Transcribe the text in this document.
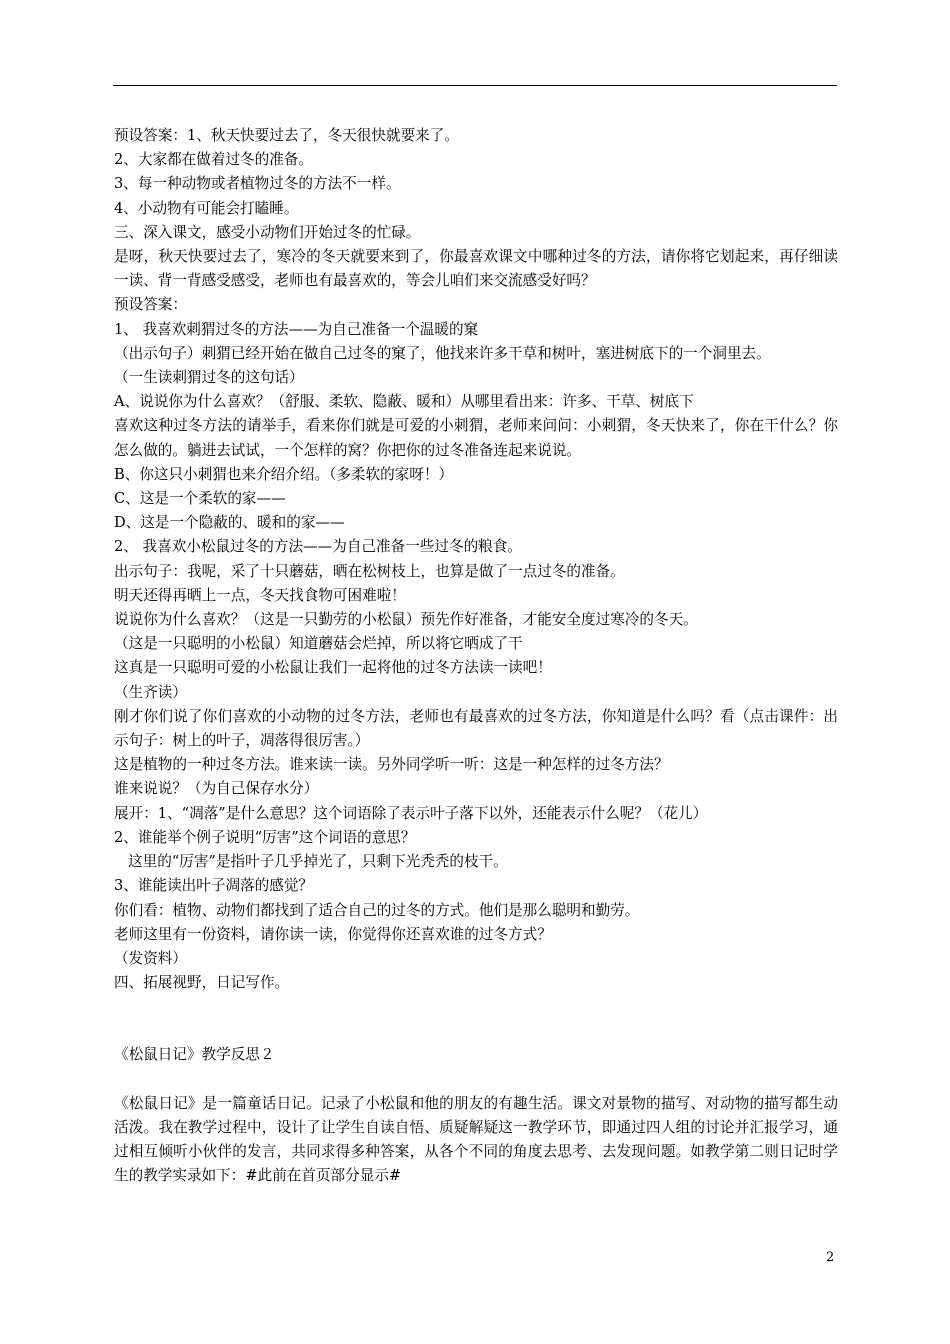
预设答案：1、秋天快要过去了，冬天很快就要来了。

2、大家都在做着过冬的准备。

3、每一种动物或者植物过冬的方法不一样。

4、小动物有可能会打瞌睡。

三、深入课文，感受小动物们开始过冬的忙碌。

是呀，秋天快要过去了，寒冷的冬天就要来到了，你最喜欢课文中哪种过冬的方法，请你将它划起来，再仔细读一读、背一背感受感受，老师也有最喜欢的，等会儿咱们来交流感受好吗？

预设答案：

1、 我喜欢刺猬过冬的方法——为自己准备一个温暖的窠

（出示句子）刺猬已经开始在做自己过冬的窠了，他找来许多干草和树叶，塞进树底下的一个洞里去。

（一生读刺猬过冬的这句话）

A、说说你为什么喜欢？（舒服、柔软、隐蔽、暖和）从哪里看出来：许多、干草、树底下

喜欢这种过冬方法的请举手，看来你们就是可爱的小刺猬，老师来问问：小刺猬，冬天快来了，你在干什么？你怎么做的。躺进去试试，一个怎样的窝？你把你的过冬准备连起来说说。

B、你这只小刺猬也来介绍介绍。（多柔软的家呀！）

C、这是一个柔软的家——

D、这是一个隐蔽的、暖和的家——

2、 我喜欢小松鼠过冬的方法——为自己准备一些过冬的粮食。

出示句子：我呢，采了十只蘑菇，晒在松树枝上，也算是做了一点过冬的准备。

明天还得再晒上一点，冬天找食物可困难啦！

说说你为什么喜欢？（这是一只勤劳的小松鼠）预先作好准备，才能安全度过寒冷的冬天。

（这是一只聪明的小松鼠）知道蘑菇会烂掉，所以将它晒成了干

这真是一只聪明可爱的小松鼠让我们一起将他的过冬方法读一读吧！

（生齐读）

刚才你们说了你们喜欢的小动物的过冬方法，老师也有最喜欢的过冬方法，你知道是什么吗？看（点击课件：出示句子：树上的叶子，凋落得很厉害。）

这是植物的一种过冬方法。谁来读一读。另外同学听一听：这是一种怎样的过冬方法？

谁来说说？（为自己保存水分）

展开：1、“凋落”是什么意思？这个词语除了表示叶子落下以外，还能表示什么呢？（花儿）

2、谁能举个例子说明“厉害”这个词语的意思？

这里的“厉害”是指叶子几乎掉光了，只剩下光秃秃的枝干。

3、谁能读出叶子凋落的感觉？

你们看：植物、动物们都找到了适合自己的过冬的方式。他们是那么聪明和勤劳。

老师这里有一份资料，请你读一读，你觉得你还喜欢谁的过冬方式？

（发资料）

四、拓展视野，日记写作。

《松鼠日记》教学反思２

《松鼠日记》是一篇童话日记。记录了小松鼠和他的朋友的有趣生活。课文对景物的描写、对动物的描写都生动活泼。我在教学过程中，设计了让学生自读自悟、质疑解疑这一教学环节，即通过四人组的讨论并汇报学习，通过相互倾听小伙伴的发言，共同求得多种答案，从各个不同的角度去思考、去发现问题。如教学第二则日记时学生的教学实录如下：#此前在首页部分显示#

2
